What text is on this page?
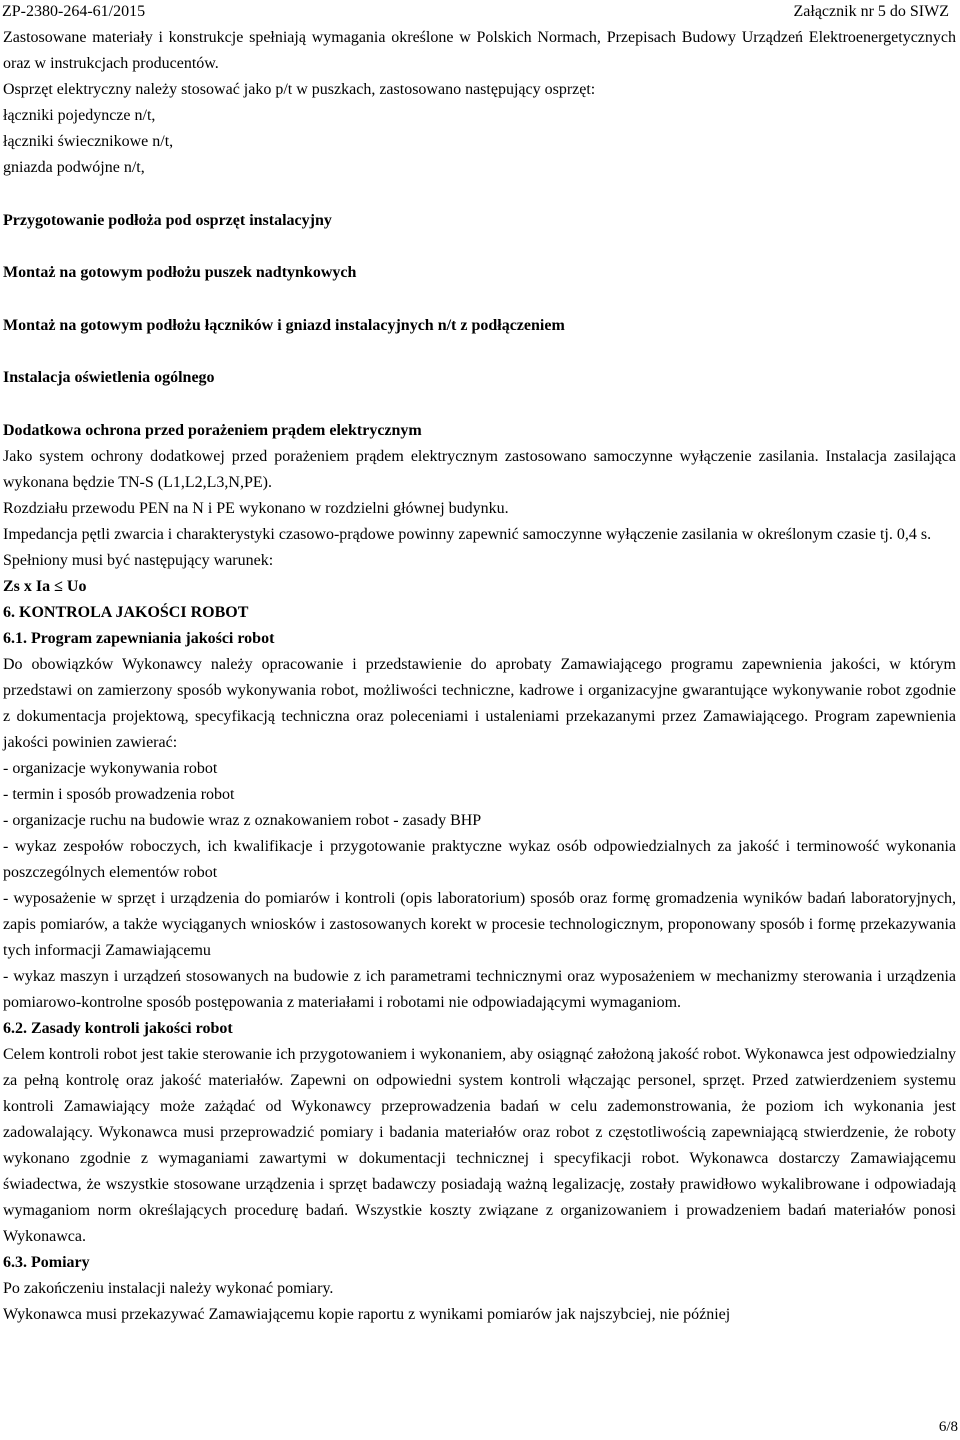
ZP-2380-264-61/2015	Załącznik nr 5 do SIWZ

Zastosowane materiały i konstrukcje spełniają wymagania określone w Polskich Normach, Przepisach Budowy Urządzeń Elektroenergetycznych oraz w instrukcjach producentów.

Osprzęt elektryczny należy stosować jako p/t w puszkach, zastosowano następujący osprzęt:

łączniki pojedyncze n/t,

łączniki świecznikowe n/t,

gniazda podwójne n/t,

Przygotowanie podłoża pod osprzęt instalacyjny

Montaż na gotowym podłożu puszek nadtynkowych

Montaż na gotowym podłożu łączników i gniazd instalacyjnych n/t z podłączeniem

Instalacja oświetlenia ogólnego

Dodatkowa ochrona przed porażeniem prądem elektrycznym

Jako system ochrony dodatkowej przed porażeniem prądem elektrycznym zastosowano samoczynne wyłączenie zasilania. Instalacja zasilająca wykonana będzie TN-S (L1,L2,L3,N,PE).

Rozdziału przewodu PEN na N i PE wykonano w rozdzielni głównej budynku.

Impedancja pętli zwarcia i charakterystyki czasowo-prądowe powinny zapewnić samoczynne wyłączenie zasilania w określonym czasie tj. 0,4 s.

Spełniony musi być następujący warunek:

Zs x Ia ≤ Uo

6. KONTROLA JAKOŚCI ROBOT

6.1. Program zapewniania jakości robot

Do obowiązków Wykonawcy należy opracowanie i przedstawienie do aprobaty Zamawiającego programu zapewnienia jakości, w którym przedstawi on zamierzony sposób wykonywania robot, możliwości techniczne, kadrowe i organizacyjne gwarantujące wykonywanie robot zgodnie z dokumentacja projektową, specyfikacją techniczna oraz poleceniami i ustaleniami przekazanymi przez Zamawiającego. Program zapewnienia jakości powinien zawierać:

- organizacje wykonywania robot

- termin i sposób prowadzenia robot

- organizacje ruchu na budowie wraz z oznakowaniem robot - zasady BHP

- wykaz zespołów roboczych, ich kwalifikacje i przygotowanie praktyczne wykaz osób odpowiedzialnych za jakość i terminowość wykonania poszczególnych elementów robot

- wyposażenie w sprzęt i urządzenia do pomiarów i kontroli (opis laboratorium) sposób oraz formę gromadzenia wyników badań laboratoryjnych, zapis pomiarów, a także wyciąganych wniosków i zastosowanych korekt w procesie technologicznym, proponowany sposób i formę przekazywania tych informacji Zamawiającemu

- wykaz maszyn i urządzeń stosowanych na budowie z ich parametrami technicznymi oraz wyposażeniem w mechanizmy sterowania i urządzenia pomiarowo-kontrolne sposób postępowania z materiałami i robotami nie odpowiadającymi wymaganiom.

6.2. Zasady kontroli jakości robot

Celem kontroli robot jest takie sterowanie ich przygotowaniem i wykonaniem, aby osiągnąć założoną jakość robot. Wykonawca jest odpowiedzialny za pełną kontrolę oraz jakość materiałów. Zapewni on odpowiedni system kontroli włączając personel, sprzęt. Przed zatwierdzeniem systemu kontroli Zamawiający może zażądać od Wykonawcy przeprowadzenia badań w celu zademonstrowania, że poziom ich wykonania jest zadowalający. Wykonawca musi przeprowadzić pomiary i badania materiałów oraz robot z częstotliwością zapewniającą stwierdzenie, że roboty wykonano zgodnie z wymaganiami zawartymi w dokumentacji technicznej i specyfikacji robot. Wykonawca dostarczy Zamawiającemu świadectwa, że wszystkie stosowane urządzenia i sprzęt badawczy posiadają ważną legalizację, zostały prawidłowo wykalibrowane i odpowiadają wymaganiom norm określających procedurę badań. Wszystkie koszty związane z organizowaniem i prowadzeniem badań materiałów ponosi Wykonawca.

6.3. Pomiary

Po zakończeniu instalacji należy wykonać pomiary.

Wykonawca musi przekazywać Zamawiającemu kopie raportu z wynikami pomiarów jak najszybciej, nie później

6/8
